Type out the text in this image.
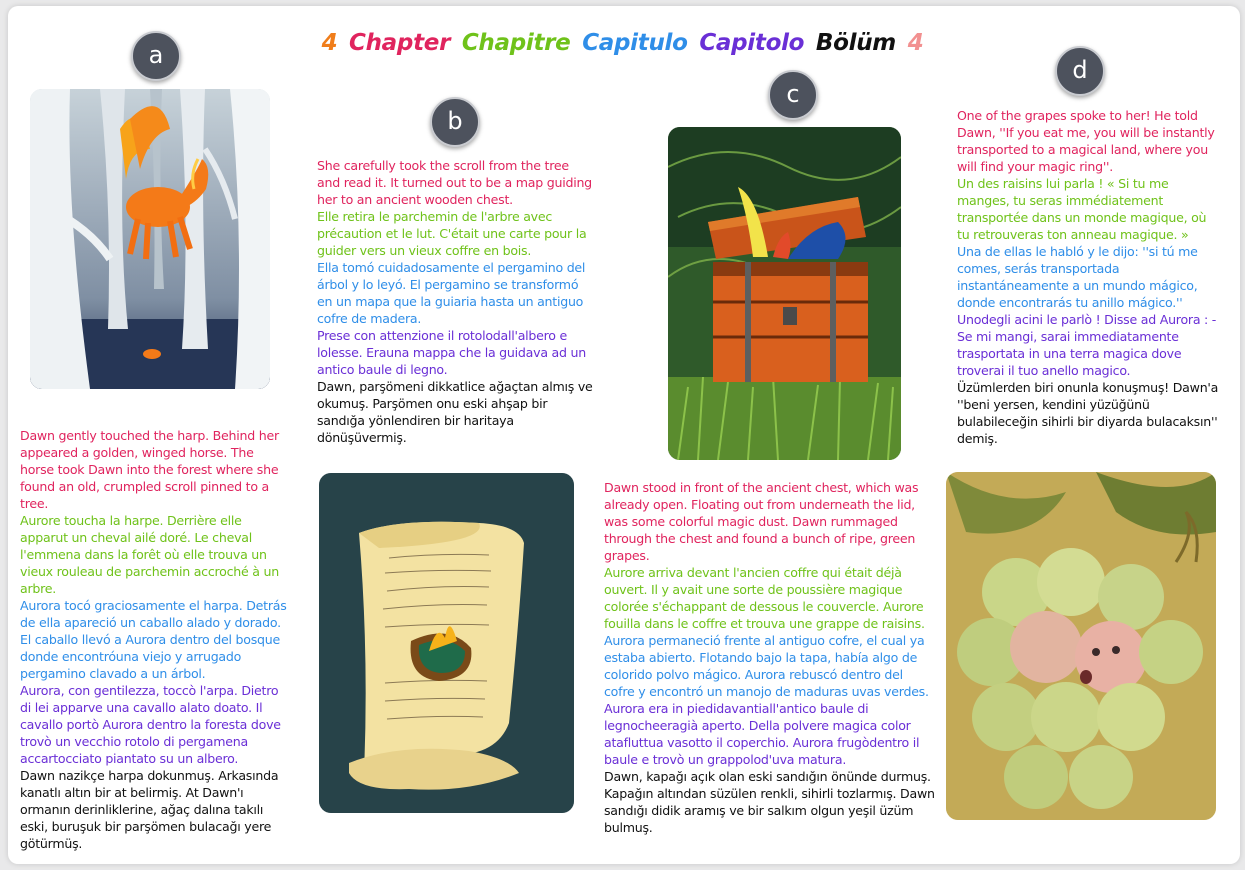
4 Chapter Chapitre Capitulo Capitolo Bölüm 4
a
b
c
d

Dawn gently touched the harp. Behind her appeared a golden, winged horse. The horse took Dawn into the forest where she found an old, crumpled scroll pinned to a tree.

Aurore toucha la harpe. Derrière elle apparut un cheval ailé doré. Le cheval l'emmena dans la forêt où elle trouva un vieux rouleau de parchemin accroché à un arbre.

Aurora tocó graciosamente el harpa. Detrás de ella apareció un caballo alado y dorado. El caballo llevó a Aurora dentro del bosque donde encontróuna viejo y arrugado pergamino clavado a un árbol.

Aurora, con gentilezza, toccò l'arpa. Dietro di lei apparve una cavallo alato doato. Il cavallo portò Aurora dentro la foresta dove trovò un vecchio rotolo di pergamena accartocciato piantato su un albero.

Dawn nazikçe harpa dokunmuş. Arkasında kanatlı altın bir at belirmiş. At Dawn'ı ormanın derinliklerine, ağaç dalına takılı eski, buruşuk bir parşömen bulacağı yere götürmüş.

She carefully took the scroll from the tree and read it. It turned out to be a map guiding her to an ancient wooden chest.

Elle retira le parchemin de l'arbre avec précaution et le lut. C'était une carte pour la guider vers un vieux coffre en bois.

Ella tomó cuidadosamente el pergamino del árbol y lo leyó. El pergamino se transformó en un mapa que la guiaria hasta un antiguo cofre de madera.

Prese con attenzione il rotolodall'albero e lolesse. Erauna mappa che la guidava ad un antico baule di legno.

Dawn, parşömeni dikkatlice ağaçtan almış ve okumuş. Parşömen onu eski ahşap bir sandığa yönlendiren bir haritaya dönüşüvermiş.

Dawn stood in front of the ancient chest, which was already open. Floating out from underneath the lid, was some colorful magic dust. Dawn rummaged through the chest and found a bunch of ripe, green grapes.

Aurore arriva devant l'ancien coffre qui était déjà ouvert. Il y avait une sorte de poussière magique colorée s'échappant de dessous le couvercle. Aurore fouilla dans le coffre et trouva une grappe de raisins.

Aurora permaneció frente al antiguo cofre, el cual ya estaba abierto. Flotando bajo la tapa, había algo de colorido polvo mágico. Aurora rebuscó dentro del cofre y encontró un manojo de maduras uvas verdes.

Aurora era in piedidavantiall'antico baule di legnocheeragià aperto. Della polvere magica color atafluttua vasotto il coperchio. Aurora frugòdentro il baule e trovò un grappolod'uva matura.

Dawn, kapağı açık olan eski sandığın önünde durmuş. Kapağın altından süzülen renkli, sihirli tozlarmış. Dawn sandığı didik aramış ve bir salkım olgun yeşil üzüm bulmuş.

One of the grapes spoke to her! He told Dawn, ''If you eat me, you will be instantly transported to a magical land, where you will find your magic ring''.

Un des raisins lui parla ! « Si tu me manges, tu seras immédiatement transportée dans un monde magique, où tu retrouveras ton anneau magique. »

Una de ellas le habló y le dijo: ''si tú me comes, serás transportada instantáneamente a un mundo mágico, donde encontrarás tu anillo mágico.''

Unodegli acini le parlò ! Disse ad Aurora : - Se mi mangi, sarai immediatamente trasportata in una terra magica dove troverai il tuo anello magico.

Üzümlerden biri onunla konuşmuş! Dawn'a ''beni yersen, kendini yüzüğünü bulabileceğin sihirli bir diyarda bulacaksın'' demiş.
